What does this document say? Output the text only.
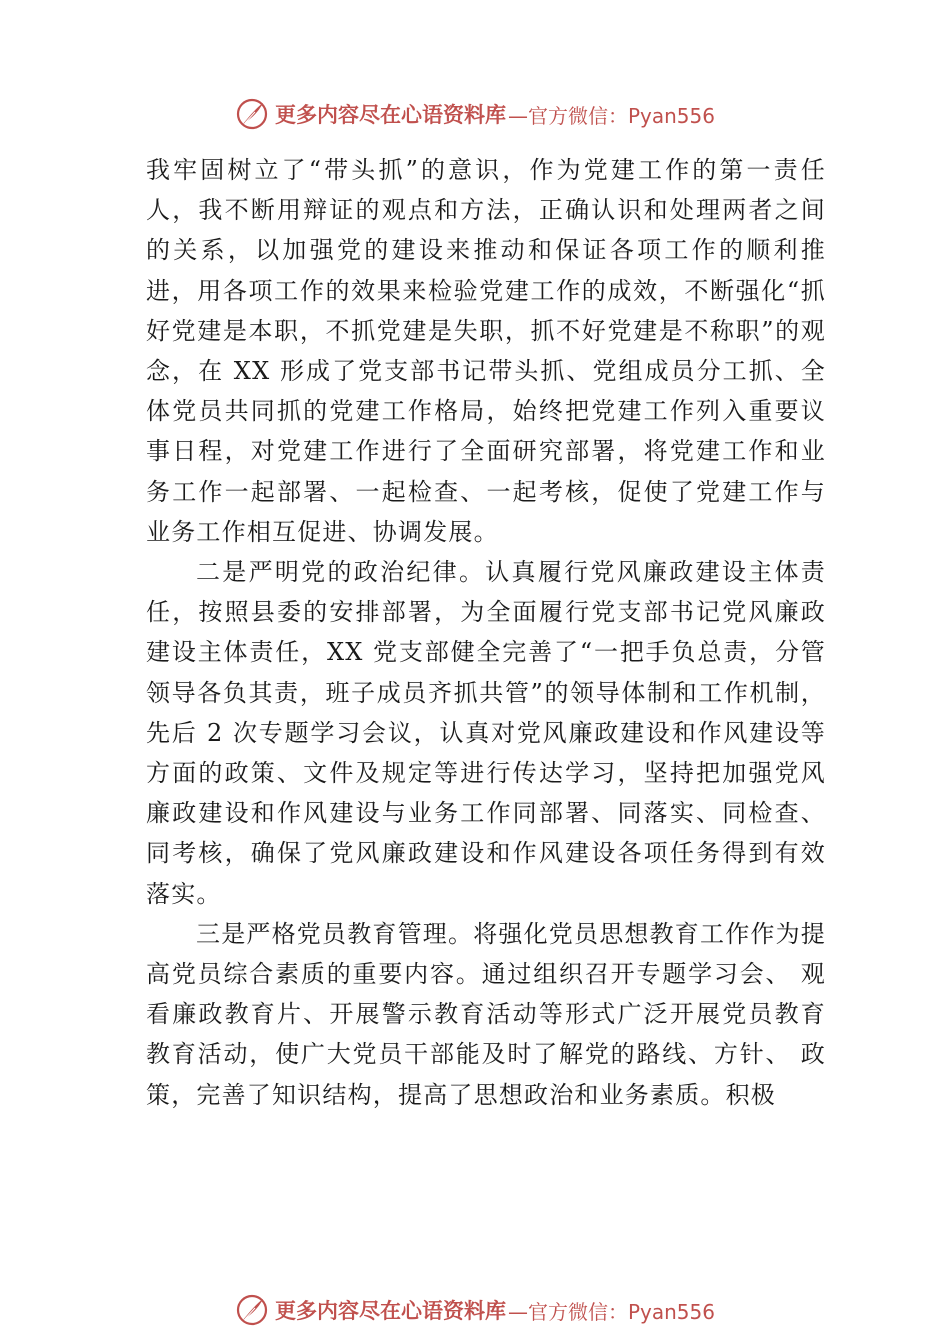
更多内容尽在心语资料库 —官方微信：Pyan556

我牢固树立了“带头抓”的意识，作为党建工作的第一责任人，我不断用辩证的观点和方法，正确认识和处理两者之间的关系，以加强党的建设来推动和保证各项工作的顺利推进，用各项工作的效果来检验党建工作的成效，不断强化“抓好党建是本职，不抓党建是失职，抓不好党建是不称职”的观念，在 XX 形成了党支部书记带头抓、党组成员分工抓、全体党员共同抓的党建工作格局，始终把党建工作列入重要议事日程，对党建工作进行了全面研究部署，将党建工作和业务工作一起部署、一起检查、一起考核，促使了党建工作与业务工作相互促进、协调发展。

二是严明党的政治纪律。认真履行党风廉政建设主体责任，按照县委的安排部署，为全面履行党支部书记党风廉政建设主体责任，XX 党支部健全完善了“一把手负总责，分管领导各负其责，班子成员齐抓共管”的领导体制和工作机制，先后 2 次专题学习会议，认真对党风廉政建设和作风建设等方面的政策、文件及规定等进行传达学习，坚持把加强党风廉政建设和作风建设与业务工作同部署、同落实、同检查、同考核，确保了党风廉政建设和作风建设各项任务得到有效落实。

三是严格党员教育管理。将强化党员思想教育工作作为提高党员综合素质的重要内容。通过组织召开专题学习会、 观看廉政教育片、开展警示教育活动等形式广泛开展党员教育教育活动，使广大党员干部能及时了解党的路线、方针、 政策，完善了知识结构，提高了思想政治和业务素质。积极

更多内容尽在心语资料库 —官方微信：Pyan556
